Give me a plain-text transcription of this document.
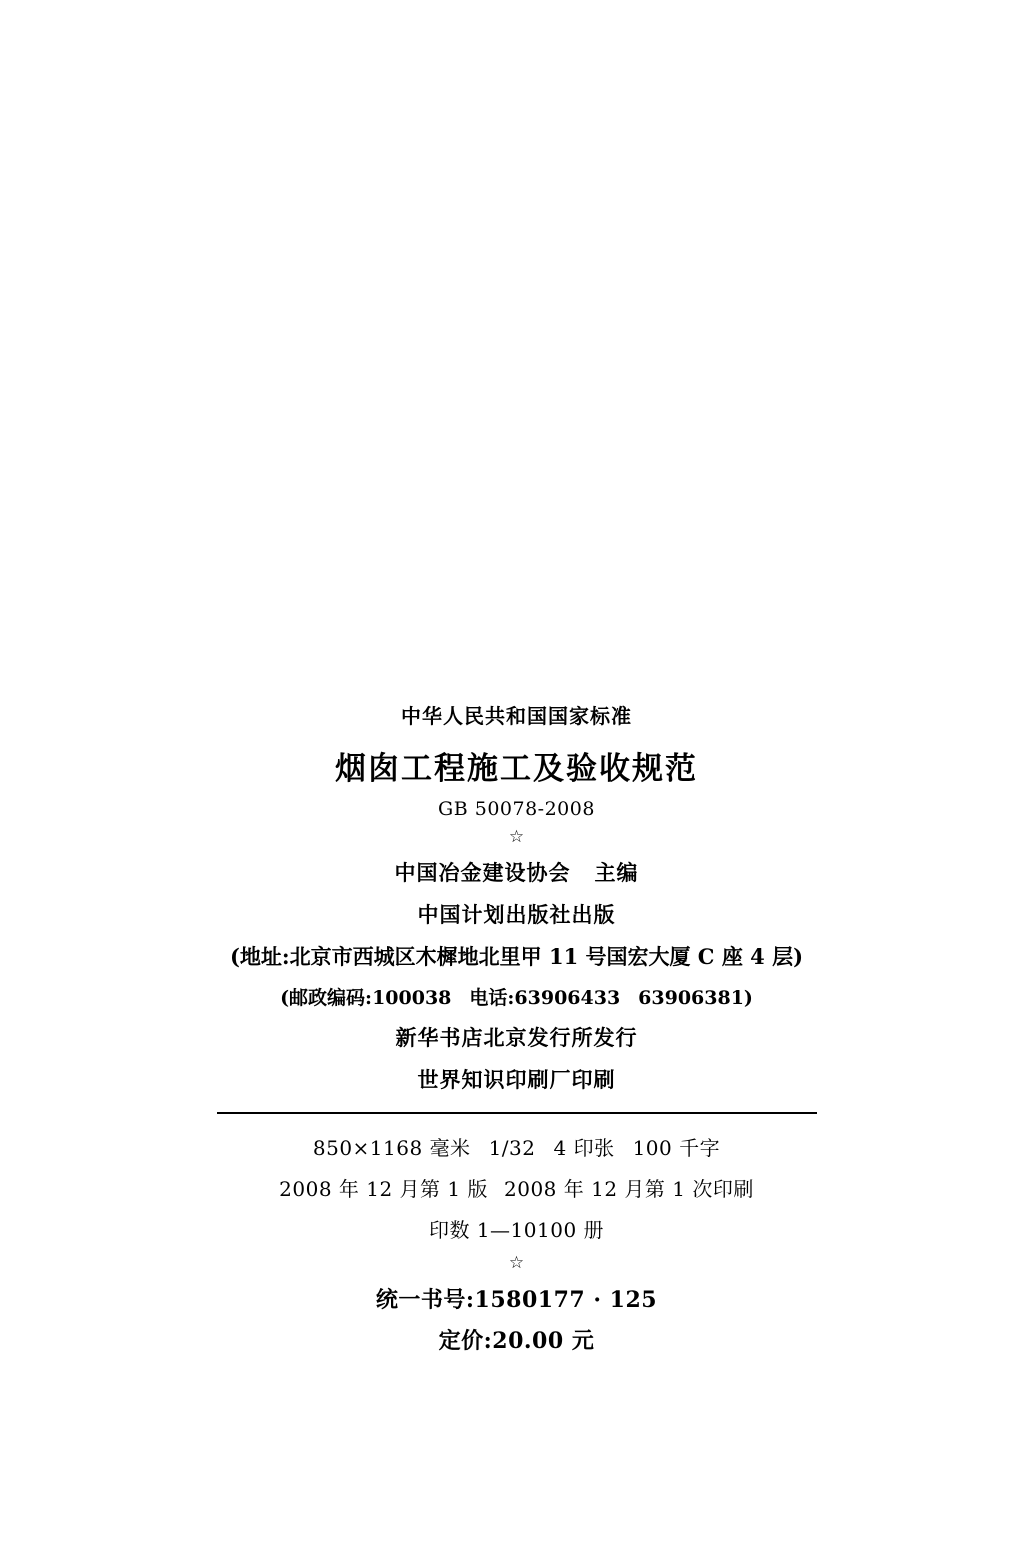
中华人民共和国国家标准
烟囱工程施工及验收规范
GB 50078-2008
☆
中国冶金建设协会 主编
中国计划出版社出版
(地址:北京市西城区木樨地北里甲 11 号国宏大厦 C 座 4 层)
(邮政编码:100038 电话:63906433 63906381)
新华书店北京发行所发行
世界知识印刷厂印刷
850×1168 毫米 1/32 4 印张 100 千字
2008 年 12 月第 1 版 2008 年 12 月第 1 次印刷
印数 1—10100 册
☆
统一书号:1580177 · 125
定价:20.00 元
